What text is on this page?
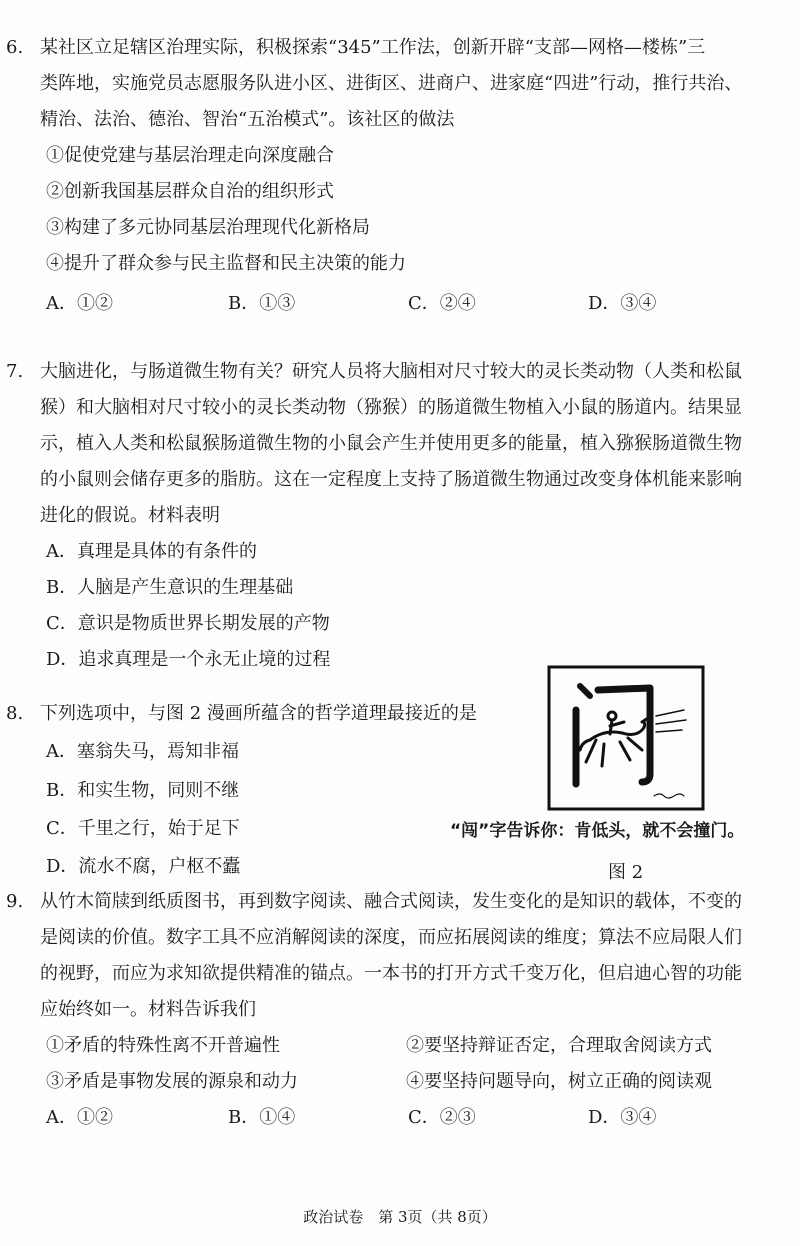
6. 某社区立足辖区治理实际，积极探索“345”工作法，创新开辟“支部—网格—楼栋”三
类阵地，实施党员志愿服务队进小区、进街区、进商户、进家庭“四进”行动，推行共治、
精治、法治、德治、智治“五治模式”。该社区的做法
①促使党建与基层治理走向深度融合
②创新我国基层群众自治的组织形式
③构建了多元协同基层治理现代化新格局
④提升了群众参与民主监督和民主决策的能力
A．①②	B．①③	C．②④	D．③④
7. 大脑进化，与肠道微生物有关？研究人员将大脑相对尺寸较大的灵长类动物（人类和松鼠
猴）和大脑相对尺寸较小的灵长类动物（猕猴）的肠道微生物植入小鼠的肠道内。结果显
示，植入人类和松鼠猴肠道微生物的小鼠会产生并使用更多的能量，植入猕猴肠道微生物
的小鼠则会储存更多的脂肪。这在一定程度上支持了肠道微生物通过改变身体机能来影响
进化的假说。材料表明
A．真理是具体的有条件的
B．人脑是产生意识的生理基础
C．意识是物质世界长期发展的产物
D．追求真理是一个永无止境的过程
8. 下列选项中，与图 2 漫画所蕴含的哲学道理最接近的是
A．塞翁失马，焉知非福
B．和实生物，同则不继
C．千里之行，始于足下
D．流水不腐，户枢不蠹
“闯”字告诉你：肯低头，就不会撞门。
图 2
9. 从竹木简牍到纸质图书，再到数字阅读、融合式阅读，发生变化的是知识的载体，不变的
是阅读的价值。数字工具不应消解阅读的深度，而应拓展阅读的维度；算法不应局限人们
的视野，而应为求知欲提供精准的锚点。一本书的打开方式千变万化，但启迪心智的功能
应始终如一。材料告诉我们
①矛盾的特殊性离不开普遍性	②要坚持辩证否定，合理取舍阅读方式
③矛盾是事物发展的源泉和动力	④要坚持问题导向，树立正确的阅读观
A．①②	B．①④	C．②③	D．③④
政治试卷　第 3页（共 8页）
